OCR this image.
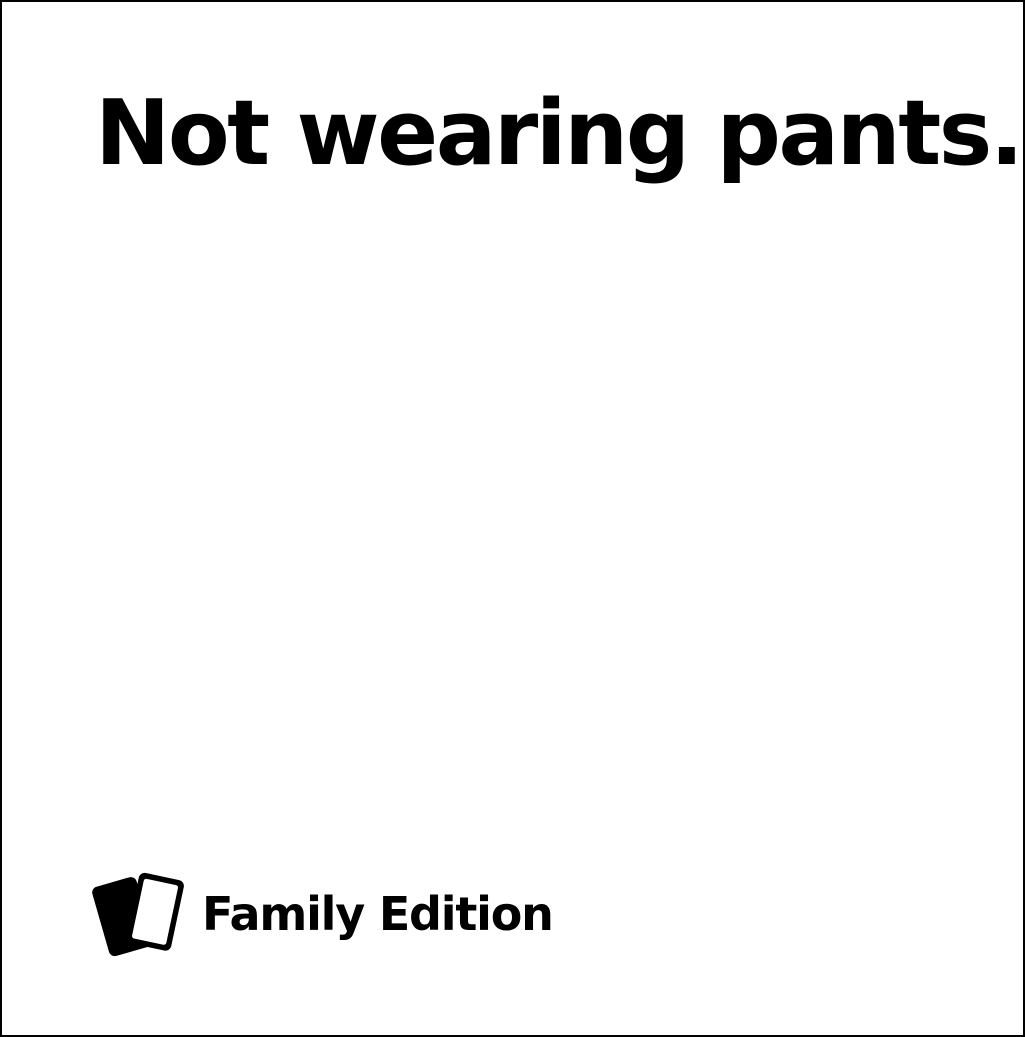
Not wearing pants.
Family Edition
